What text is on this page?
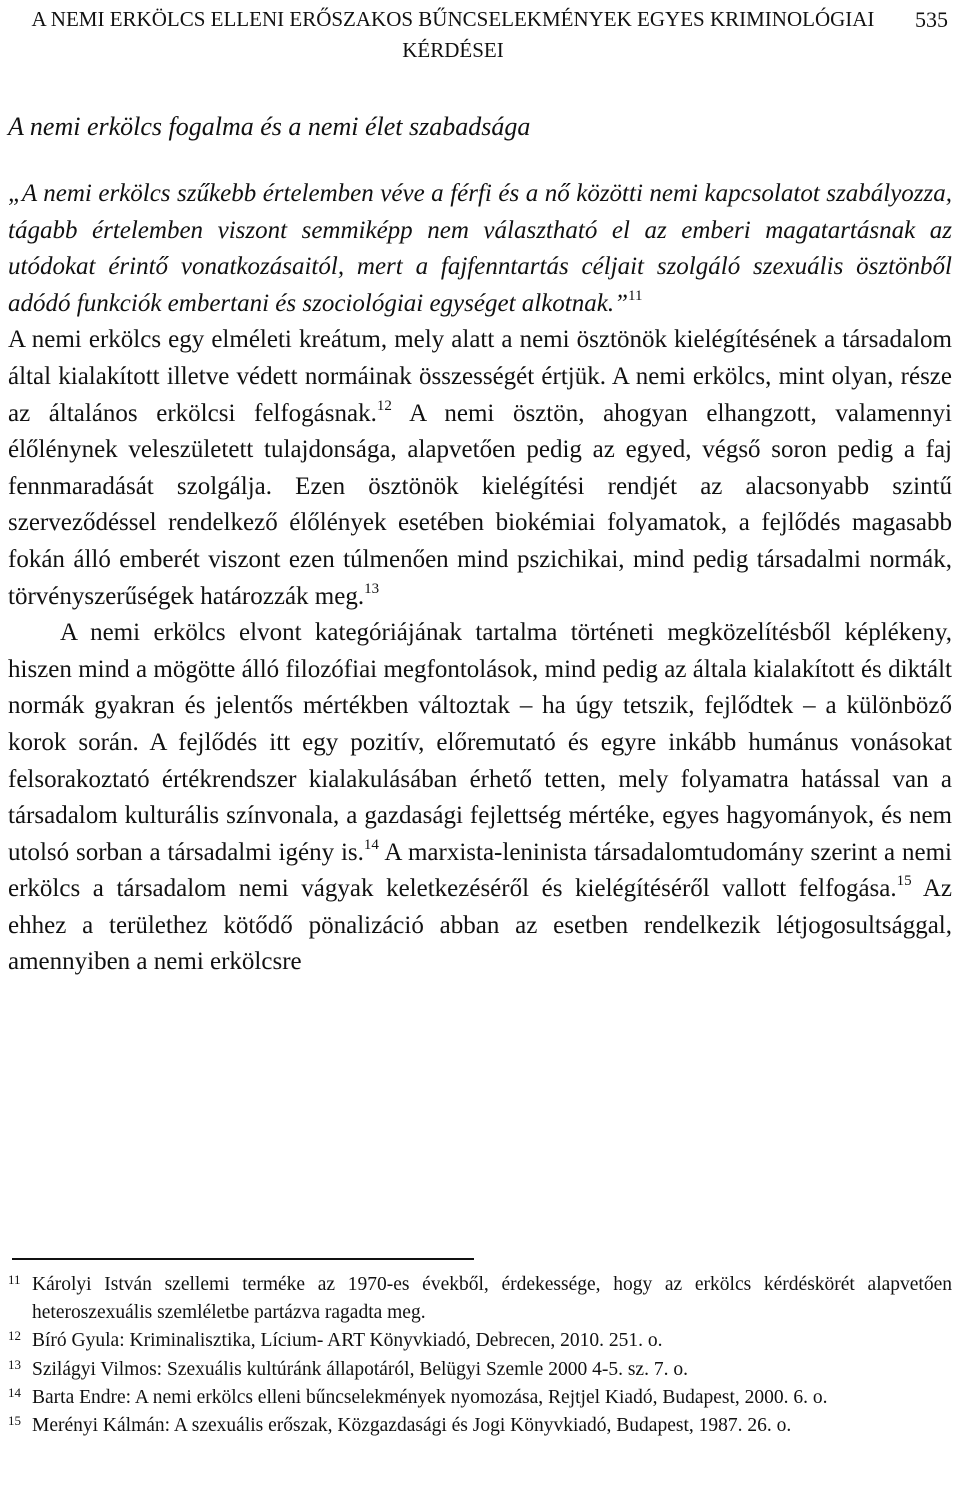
A NEMI ERKÖLCS ELLENI ERŐSZAKOS BŰNCSELEKMÉNYEK EGYES KRIMINOLÓGIAI KÉRDÉSEI
535
A nemi erkölcs fogalma és a nemi élet szabadsága

„A nemi erkölcs szűkebb értelemben véve a férfi és a nő közötti nemi kapcsolatot szabályozza, tágabb értelemben viszont semmiképp nem választható el az emberi magatartásnak az utódokat érintő vonatkozásaitól, mert a fajfenntartás céljait szolgáló szexuális ösztönből adódó funkciók embertani és szociológiai egységet alkotnak.”$^{11}$
A nemi erkölcs egy elméleti kreátum, mely alatt a nemi ösztönök kielégítésének a társadalom által kialakított illetve védett normáinak összességét értjük. A nemi erkölcs, mint olyan, része az általános erkölcsi felfogásnak.$^{12}$ A nemi ösztön, ahogyan elhangzott, valamennyi élőlénynek veleszületett tulajdonsága, alapvetően pedig az egyed, végső soron pedig a faj fennmaradását szolgálja. Ezen ösztönök kielégítési rendjét az alacsonyabb szintű szerveződéssel rendelkező élőlények esetében biokémiai folyamatok, a fejlődés magasabb fokán álló emberét viszont ezen túlmenően mind pszichikai, mind pedig társadalmi normák, törvényszerűségek határozzák meg.$^{13}$

A nemi erkölcs elvont kategóriájának tartalma történeti megközelítésből képlékeny, hiszen mind a mögötte álló filozófiai megfontolások, mind pedig az általa kialakított és diktált normák gyakran és jelentős mértékben változtak – ha úgy tetszik, fejlődtek – a különböző korok során. A fejlődés itt egy pozitív, előremutató és egyre inkább humánus vonásokat felsorakoztató értékrendszer kialakulásában érhető tetten, mely folyamatra hatással van a társadalom kulturális színvonala, a gazdasági fejlettség mértéke, egyes hagyományok, és nem utolsó sorban a társadalmi igény is.$^{14}$ A marxista-leninista társadalomtudomány szerint a nemi erkölcs a társadalom nemi vágyak keletkezéséről és kielégítéséről vallott felfogása.$^{15}$ Az ehhez a területhez kötődő pönalizáció abban az esetben rendelkezik létjogosultsággal, amennyiben a nemi erkölcsre

11 Károlyi István szellemi terméke az 1970-es évekből, érdekessége, hogy az erkölcs kérdéskörét alapvetően heteroszexuális szemléletbe partázva ragadta meg.
12 Bíró Gyula: Kriminalisztika, Lícium- ART Könyvkiadó, Debrecen, 2010. 251. o.
13 Szilágyi Vilmos: Szexuális kultúránk állapotáról, Belügyi Szemle 2000 4-5. sz. 7. o.
14 Barta Endre: A nemi erkölcs elleni bűncselekmények nyomozása, Rejtjel Kiadó, Budapest, 2000. 6. o.
15 Merényi Kálmán: A szexuális erőszak, Közgazdasági és Jogi Könyvkiadó, Budapest, 1987. 26. o.
